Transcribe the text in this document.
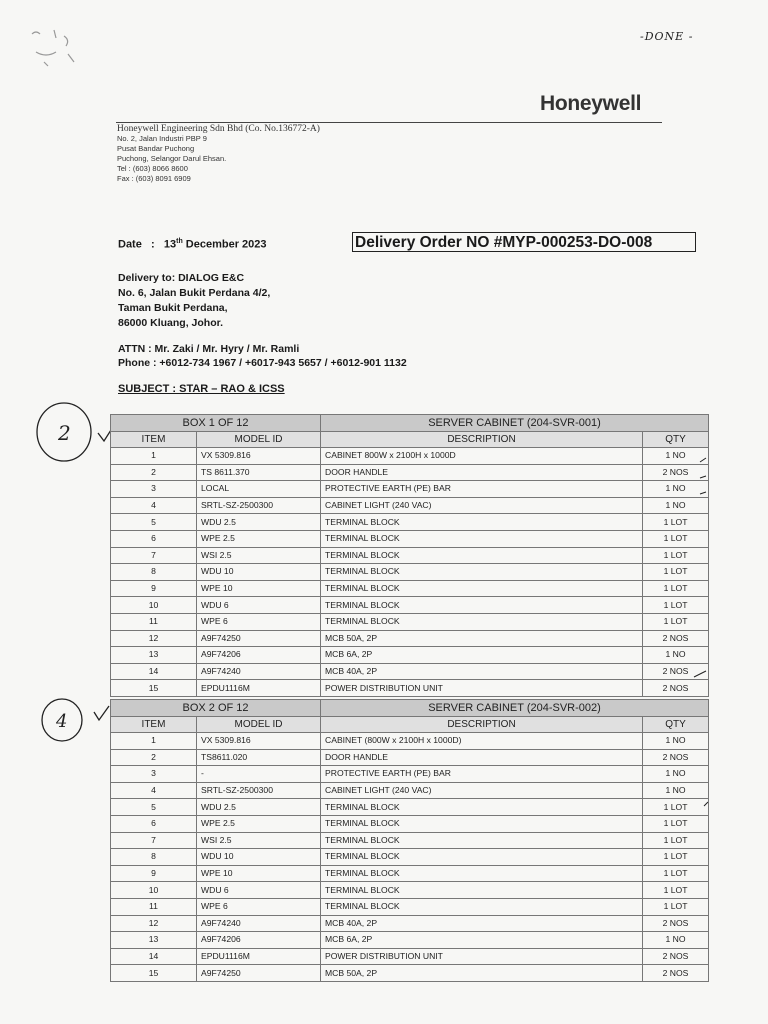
-DONE -
Honeywell
Honeywell Engineering Sdn Bhd (Co. No.136772-A)
No. 2, Jalan Industri PBP 9
Pusat Bandar Puchong
Puchong, Selangor Darul Ehsan.
Tel : (603) 8066 8600
Fax : (603) 8091 6909
Date : 13th December 2023	Delivery Order NO #MYP-000253-DO-008
Delivery to: DIALOG E&C
No. 6, Jalan Bukit Perdana 4/2,
Taman Bukit Perdana,
86000 Kluang, Johor.
ATTN : Mr. Zaki / Mr. Hyry / Mr. Ramli
Phone : +6012-734 1967 / +6017-943 5657 / +6012-901 1132
SUBJECT : STAR – RAO & ICSS
2
4
BOX 1 OF 12		SERVER CABINET (204-SVR-001)	
ITEM	MODEL ID	DESCRIPTION	QTY
1	VX 5309.816	CABINET 800W x 2100H x 1000D	1 NO
2	TS 8611.370	DOOR HANDLE	2 NOS
3	LOCAL	PROTECTIVE EARTH (PE) BAR	1 NO
4	SRTL-SZ-2500300	CABINET LIGHT (240 VAC)	1 NO
5	WDU 2.5	TERMINAL BLOCK	1 LOT
6	WPE 2.5	TERMINAL BLOCK	1 LOT
7	WSI 2.5	TERMINAL BLOCK	1 LOT
8	WDU 10	TERMINAL BLOCK	1 LOT
9	WPE 10	TERMINAL BLOCK	1 LOT
10	WDU 6	TERMINAL BLOCK	1 LOT
11	WPE 6	TERMINAL BLOCK	1 LOT
12	A9F74250	MCB 50A, 2P	2 NOS
13	A9F74206	MCB 6A, 2P	1 NO
14	A9F74240	MCB 40A, 2P	2 NOS
15	EPDU1116M	POWER DISTRIBUTION UNIT	2 NOS
BOX 2 OF 12		SERVER CABINET (204-SVR-002)	
ITEM	MODEL ID	DESCRIPTION	QTY
1	VX 5309.816	CABINET (800W x 2100H x 1000D)	1 NO
2	TS8611.020	DOOR HANDLE	2 NOS
3	-	PROTECTIVE EARTH (PE) BAR	1 NO
4	SRTL-SZ-2500300	CABINET LIGHT (240 VAC)	1 NO
5	WDU 2.5	TERMINAL BLOCK	1 LOT
6	WPE 2.5	TERMINAL BLOCK	1 LOT
7	WSI 2.5	TERMINAL BLOCK	1 LOT
8	WDU 10	TERMINAL BLOCK	1 LOT
9	WPE 10	TERMINAL BLOCK	1 LOT
10	WDU 6	TERMINAL BLOCK	1 LOT
11	WPE 6	TERMINAL BLOCK	1 LOT
12	A9F74240	MCB 40A, 2P	2 NOS
13	A9F74206	MCB 6A, 2P	1 NO
14	EPDU1116M	POWER DISTRIBUTION UNIT	2 NOS
15	A9F74250	MCB 50A, 2P	2 NOS
